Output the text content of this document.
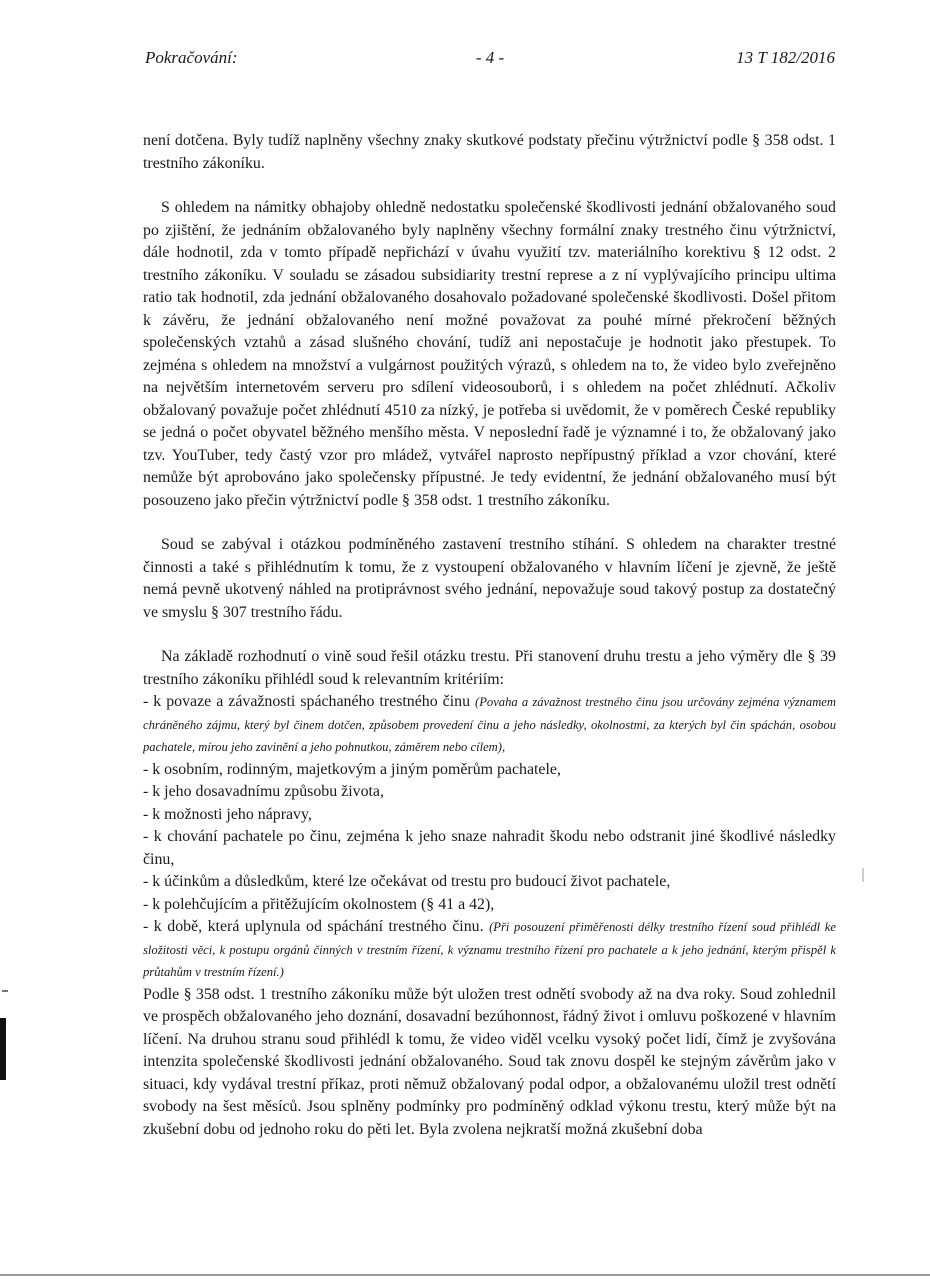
Pokračování:	- 4 -	13 T 182/2016

není dotčena. Byly tudíž naplněny všechny znaky skutkové podstaty přečinu výtržnictví podle § 358 odst. 1 trestního zákoníku.

S ohledem na námitky obhajoby ohledně nedostatku společenské škodlivosti jednání obžalovaného soud po zjištění, že jednáním obžalovaného byly naplněny všechny formální znaky trestného činu výtržnictví, dále hodnotil, zda v tomto případě nepřichází v úvahu využití tzv. materiálního korektivu § 12 odst. 2 trestního zákoníku. V souladu se zásadou subsidiarity trestní represe a z ní vyplývajícího principu ultima ratio tak hodnotil, zda jednání obžalovaného dosahovalo požadované společenské škodlivosti. Došel přitom k závěru, že jednání obžalovaného není možné považovat za pouhé mírné překročení běžných společenských vztahů a zásad slušného chování, tudíž ani nepostačuje je hodnotit jako přestupek. To zejména s ohledem na množství a vulgárnost použitých výrazů, s ohledem na to, že video bylo zveřejněno na největším internetovém serveru pro sdílení videosouborů, i s ohledem na počet zhlédnutí. Ačkoliv obžalovaný považuje počet zhlédnutí 4510 za nízký, je potřeba si uvědomit, že v poměrech České republiky se jedná o počet obyvatel běžného menšího města. V neposlední řadě je významné i to, že obžalovaný jako tzv. YouTuber, tedy častý vzor pro mládež, vytvářel naprosto nepřípustný příklad a vzor chování, které nemůže být aprobováno jako společensky přípustné. Je tedy evidentní, že jednání obžalovaného musí být posouzeno jako přečin výtržnictví podle § 358 odst. 1 trestního zákoníku.

Soud se zabýval i otázkou podmíněného zastavení trestního stíhání. S ohledem na charakter trestné činnosti a také s přihlédnutím k tomu, že z vystoupení obžalovaného v hlavním líčení je zjevně, že ještě nemá pevně ukotvený náhled na protiprávnost svého jednání, nepovažuje soud takový postup za dostatečný ve smyslu § 307 trestního řádu.

Na základě rozhodnutí o vině soud řešil otázku trestu. Při stanovení druhu trestu a jeho výměry dle § 39 trestního zákoníku přihlédl soud k relevantním kritériím:

- k povaze a závažnosti spáchaného trestného činu (Povaha a závažnost trestného činu jsou určovány zejména významem chráněného zájmu, který byl činem dotčen, způsobem provedení činu a jeho následky, okolnostmi, za kterých byl čin spáchán, osobou pachatele, mírou jeho zavinění a jeho pohnutkou, záměrem nebo cílem),

- k osobním, rodinným, majetkovým a jiným poměrům pachatele,

- k jeho dosavadnímu způsobu života,

- k možnosti jeho nápravy,

- k chování pachatele po činu, zejména k jeho snaze nahradit škodu nebo odstranit jiné škodlivé následky činu,

- k účinkům a důsledkům, které lze očekávat od trestu pro budoucí život pachatele,

- k polehčujícím a přitěžujícím okolnostem (§ 41 a 42),

- k době, která uplynula od spáchání trestného činu. (Při posouzení přiměřenosti délky trestního řízení soud přihlédl ke složitosti věci, k postupu orgánů činných v trestním řízení, k významu trestního řízení pro pachatele a k jeho jednání, kterým přispěl k průtahům v trestním řízení.)

Podle § 358 odst. 1 trestního zákoníku může být uložen trest odnětí svobody až na dva roky. Soud zohlednil ve prospěch obžalovaného jeho doznání, dosavadní bezúhonnost, řádný život i omluvu poškozené v hlavním líčení. Na druhou stranu soud přihlédl k tomu, že video viděl vcelku vysoký počet lidí, čímž je zvyšována intenzita společenské škodlivosti jednání obžalovaného. Soud tak znovu dospěl ke stejným závěrům jako v situaci, kdy vydával trestní příkaz, proti němuž obžalovaný podal odpor, a obžalovanému uložil trest odnětí svobody na šest měsíců. Jsou splněny podmínky pro podmíněný odklad výkonu trestu, který může být na zkušební dobu od jednoho roku do pěti let. Byla zvolena nejkratší možná zkušební doba
